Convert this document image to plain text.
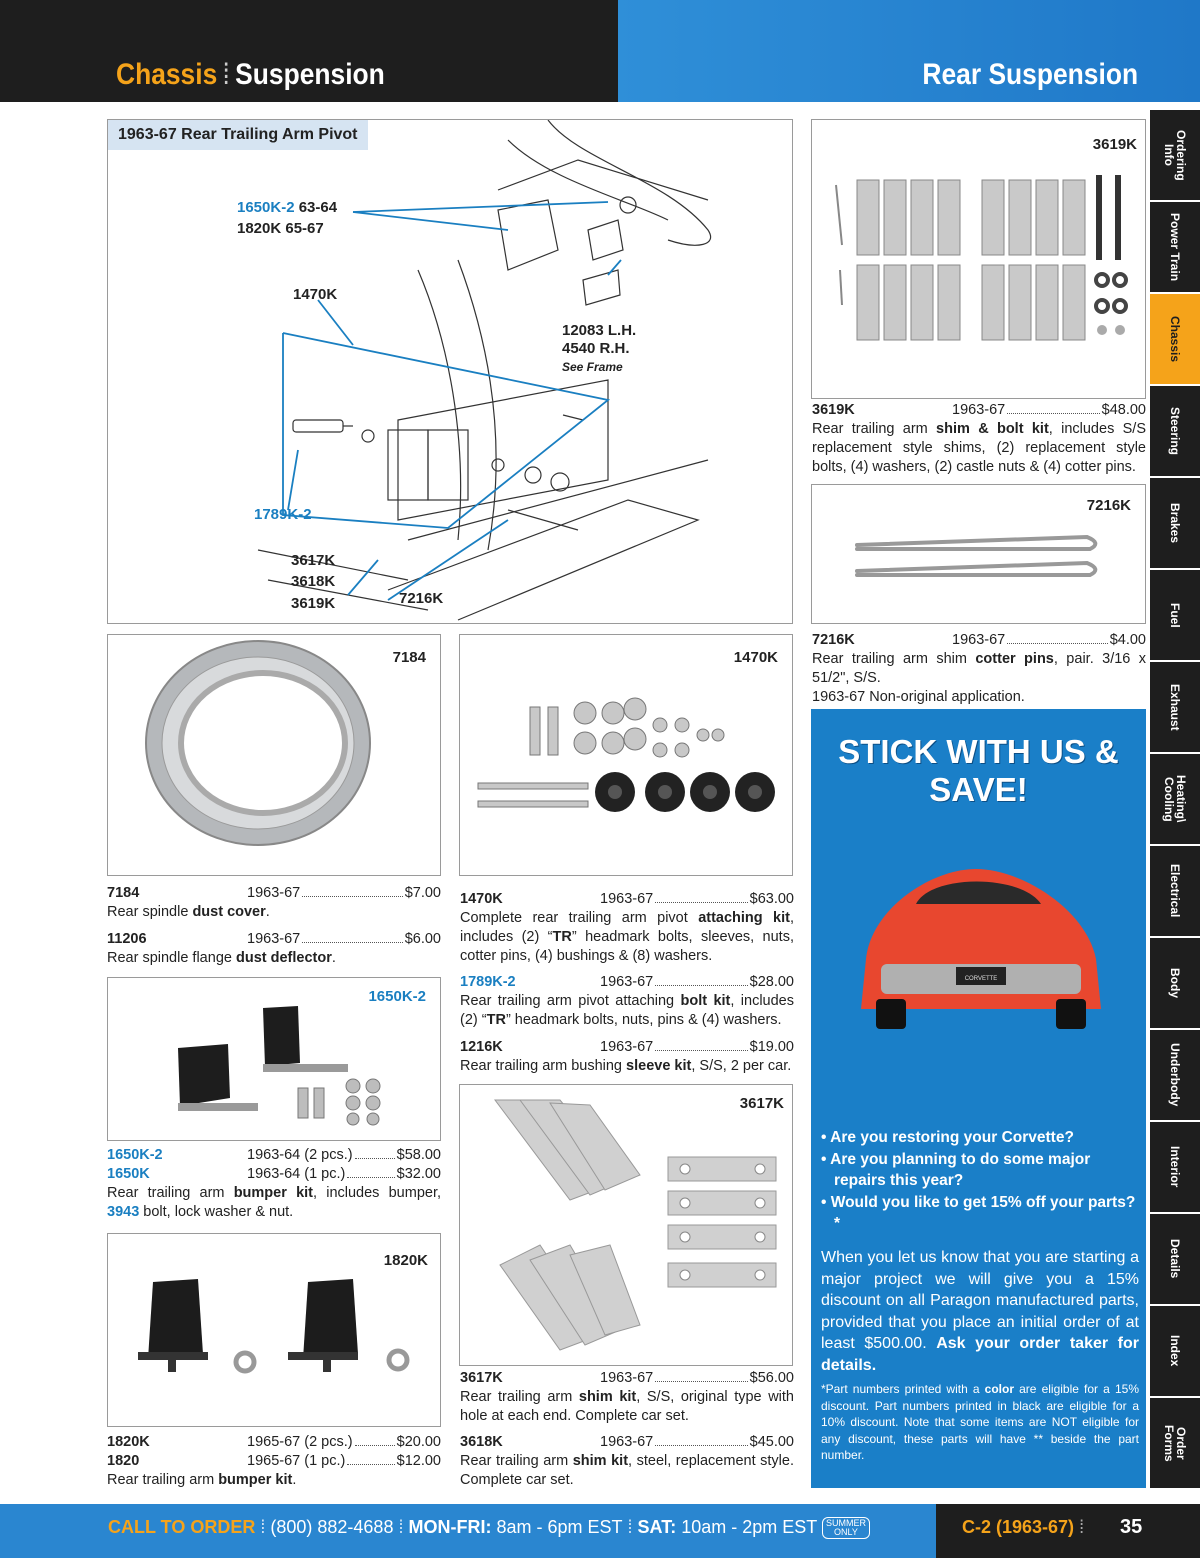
Chassis ⁞ Suspension	Rear Suspension
Ordering
Info
Power Train
Chassis
Steering
Brakes
Fuel
Exhaust
Heating\
Cooling
Electrical
Body
Underbody
Interior
Details
Index
Order
Forms
1963-67 Rear Trailing Arm Pivot
1650K-2 63-64
1820K 65-67
1470K
12083 L.H.
4540 R.H.
See Frame
1789K-2
3617K
3618K
3619K	7216K
7184	1470K
3619K
7216K
1650K-2
1820K
3617K
7184	1963-67	$7.00
Rear spindle dust cover.
11206	1963-67	$6.00
Rear spindle flange dust deflector.
1650K-2	1963-64 (2 pcs.)	$58.00
1650K	1963-64 (1 pc.)	$32.00
Rear trailing arm bumper kit, includes bumper, 3943 bolt, lock washer & nut.
1820K	1965-67 (2 pcs.)	$20.00
1820	1965-67 (1 pc.)	$12.00
Rear trailing arm bumper kit.
1470K	1963-67	$63.00
Complete rear trailing arm pivot attaching kit, includes (2) “TR” headmark bolts, sleeves, nuts, cotter pins, (4) bushings & (8) washers.
1789K-2	1963-67	$28.00
Rear trailing arm pivot attaching bolt kit, includes (2) “TR” headmark bolts, nuts, pins & (4) washers.
1216K	1963-67	$19.00
Rear trailing arm bushing sleeve kit, S/S, 2 per car.
3617K	1963-67	$56.00
Rear trailing arm shim kit, S/S, original type with hole at each end. Complete car set.
3618K	1963-67	$45.00
Rear trailing arm shim kit, steel, replacement style. Complete car set.
3619K	1963-67	$48.00
Rear trailing arm shim & bolt kit, includes S/S replacement style shims, (2) replacement style bolts, (4) washers, (2) castle nuts & (4) cotter pins.
7216K	1963-67	$4.00
Rear trailing arm shim cotter pins, pair. 3/16 x 51/2", S/S.
1963-67 Non-original application.
STICK WITH US & SAVE!
CORVETTE
• Are you restoring your Corvette?
• Are you planning to do some major repairs this year?
• Would you like to get 15% off your parts?*
When you let us know that you are starting a major project we will give you a 15% discount on all Paragon manufactured parts, provided that you place an initial order of at least $500.00. Ask your order taker for details.
*Part numbers printed with a color are eligible for a 15% discount. Part numbers printed in black are eligible for a 10% discount. Note that some items are NOT eligible for any discount, these parts will have ** beside the part number.
CALL TO ORDER ⁞ (800) 882-4688 ⁞ MON-FRI: 8am - 6pm EST ⁞ SAT: 10am - 2pm EST SUMMER
ONLY	C-2 (1963-67) ⁞ 35
